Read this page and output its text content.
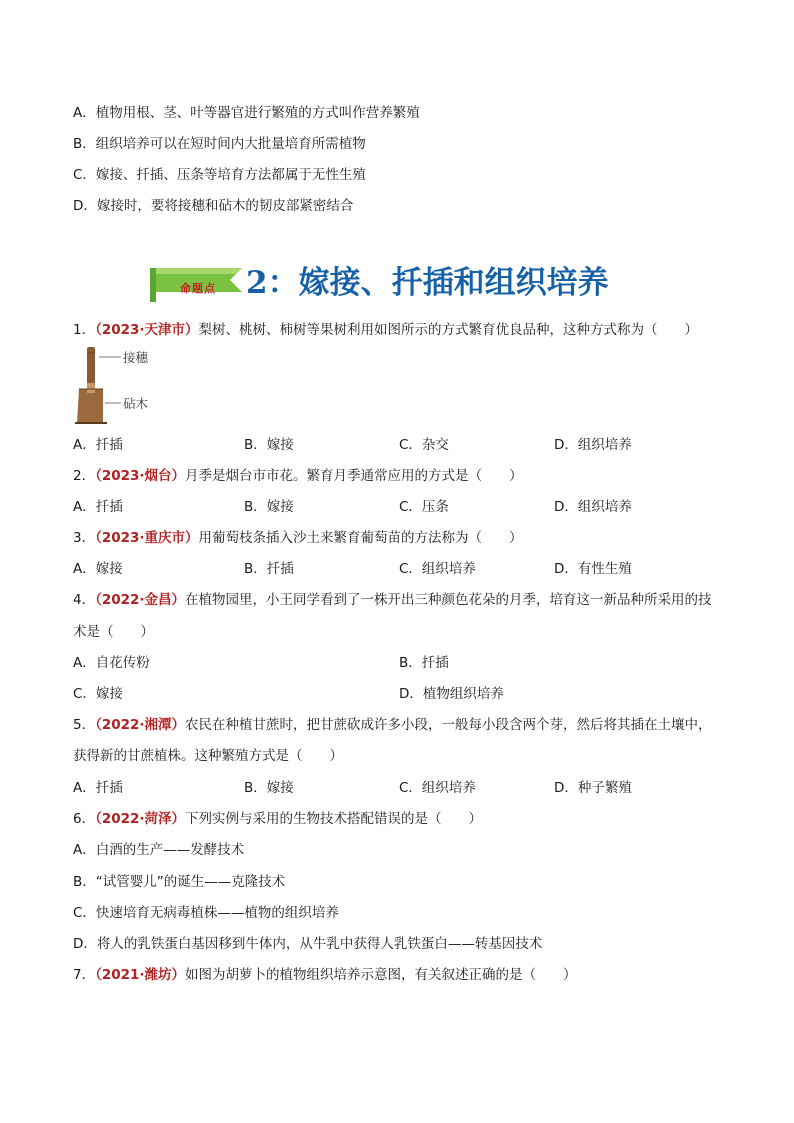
A．植物用根、茎、叶等器官进行繁殖的方式叫作营养繁殖
B．组织培养可以在短时间内大批量培育所需植物
C．嫁接、扦插、压条等培育方法都属于无性生殖
D．嫁接时，要将接穗和砧木的韧皮部紧密结合
命题点 2：嫁接、扦插和组织培养
1．（2023·天津市）梨树、桃树、柿树等果树利用如图所示的方式繁育优良品种，这种方式称为（　　）
接穗
砧木
A．扦插	B．嫁接	C．杂交	D．组织培养
2．（2023·烟台）月季是烟台市市花。繁育月季通常应用的方式是（　　）
A．扦插	B．嫁接	C．压条	D．组织培养
3．（2023·重庆市）用葡萄枝条插入沙土来繁育葡萄苗的方法称为（　　）
A．嫁接	B．扦插	C．组织培养	D．有性生殖
4．（2022·金昌）在植物园里，小王同学看到了一株开出三种颜色花朵的月季，培育这一新品种所采用的技
术是（　　）
A．自花传粉	B．扦插
C．嫁接	D．植物组织培养
5．（2022·湘潭）农民在种植甘蔗时，把甘蔗砍成许多小段，一般每小段含两个芽，然后将其插在土壤中，
获得新的甘蔗植株。这种繁殖方式是（　　）
A．扦插	B．嫁接	C．组织培养	D．种子繁殖
6．（2022·菏泽）下列实例与采用的生物技术搭配错误的是（　　）
A．白酒的生产——发酵技术
B．“试管婴儿”的诞生——克隆技术
C．快速培育无病毒植株——植物的组织培养
D．将人的乳铁蛋白基因移到牛体内，从牛乳中获得人乳铁蛋白——转基因技术
7．（2021·潍坊）如图为胡萝卜的植物组织培养示意图，有关叙述正确的是（　　）
